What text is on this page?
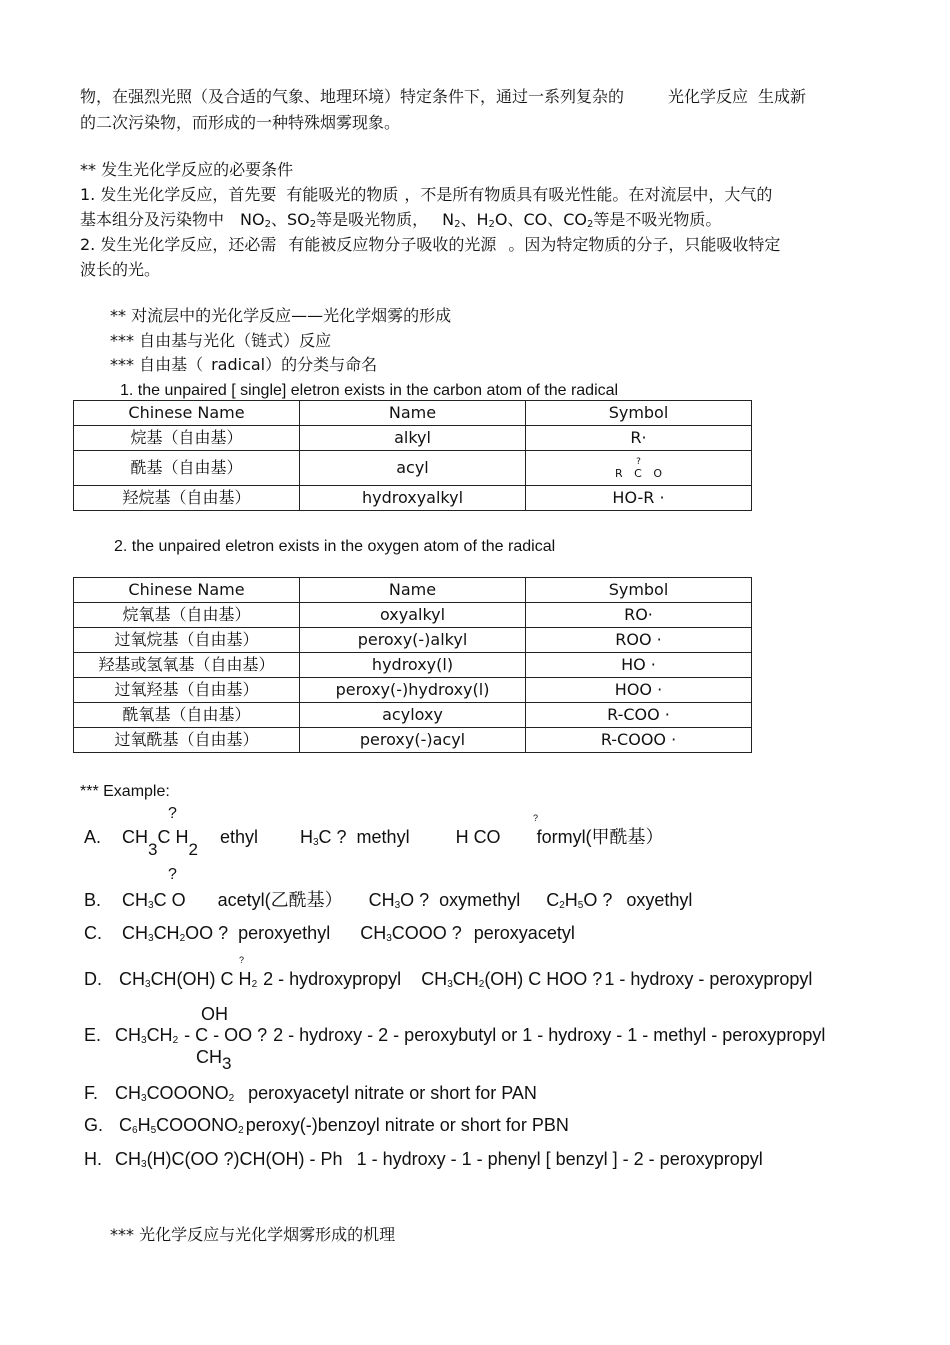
物，在强烈光照（及合适的气象、地理环境）特定条件下，通过一系列复杂的	光化学反应 生成新
的二次污染物，而形成的一种特殊烟雾现象。
** 发生光化学反应的必要条件
1. 发生光化学反应，首先要 有能吸光的物质 ，不是所有物质具有吸光性能。在对流层中，大气的
基本组分及污染物中 $NO_2$、$SO_2$等是吸光物质， $N_2$、$H_2O$、CO、$CO_2$等是不吸光物质。
2. 发生光化学反应，还必需 有能被反应物分子吸收的光源 。因为特定物质的分子，只能吸收特定
波长的光。
** 对流层中的光化学反应——光化学烟雾的形成
*** 自由基与光化（链式）反应
*** 自由基（ radical）的分类与命名
1. the unpaired [ single] eletron exists in the carbon atom of the radical
Chinese Name	Name	Symbol
烷基（自由基）	alkyl	R·
酰基（自由基）	acyl	?
R C O

羟烷基（自由基）	hydroxyalkyl	HO-R ·
2. the unpaired eletron exists in the oxygen atom of the radical
Chinese Name	Name	Symbol
烷氧基（自由基）	oxyalkyl	RO·
过氧烷基（自由基）	peroxy(-)alkyl	ROO ·
羟基或氢氧基（自由基）	hydroxy(l)	HO ·
过氧羟基（自由基）	peroxy(-)hydroxy(l)	HOO ·
酰氧基（自由基）	acyloxy	R-COO ·
过氧酰基（自由基）	peroxy(-)acyl	R-COOO ·
*** Example:
?	?
A. $CH_3C$ $H_2ethyl$ $H_3C$ ? methyl	H CO formyl(甲酰基）
?
B. $CH_3C$ O acetyl(乙酰基） $CH_3O$ ? oxymethyl $C_2H_5O$ ? oxyethyl
C. $CH_3CH_2OO$ ? peroxyethyl $CH_3COOO$ ? peroxyacetyl
?
D. $CH_3CH(OH)$ C $H_2$ 2 - hydroxypropyl $CH_3CH_2(OH)$ C HOO ? 1 - hydroxy - peroxypropyl
OH
E. $CH_3CH_2$ - C - OO ? 2 - hydroxy - 2 - peroxybutyl or 1 - hydroxy - 1 - methyl - peroxypropyl
$CH_3$
F. $CH_3COOONO_2$ peroxyacetyl nitrate or short for PAN
G. $C_6H_5COOONO_2$ peroxy(-)benzoyl nitrate or short for PBN
H. $CH_3(H)C(OO$ ?)CH(OH) - Ph 1 - hydroxy - 1 - phenyl [ benzyl ] - 2 - peroxypropyl
*** 光化学反应与光化学烟雾形成的机理
